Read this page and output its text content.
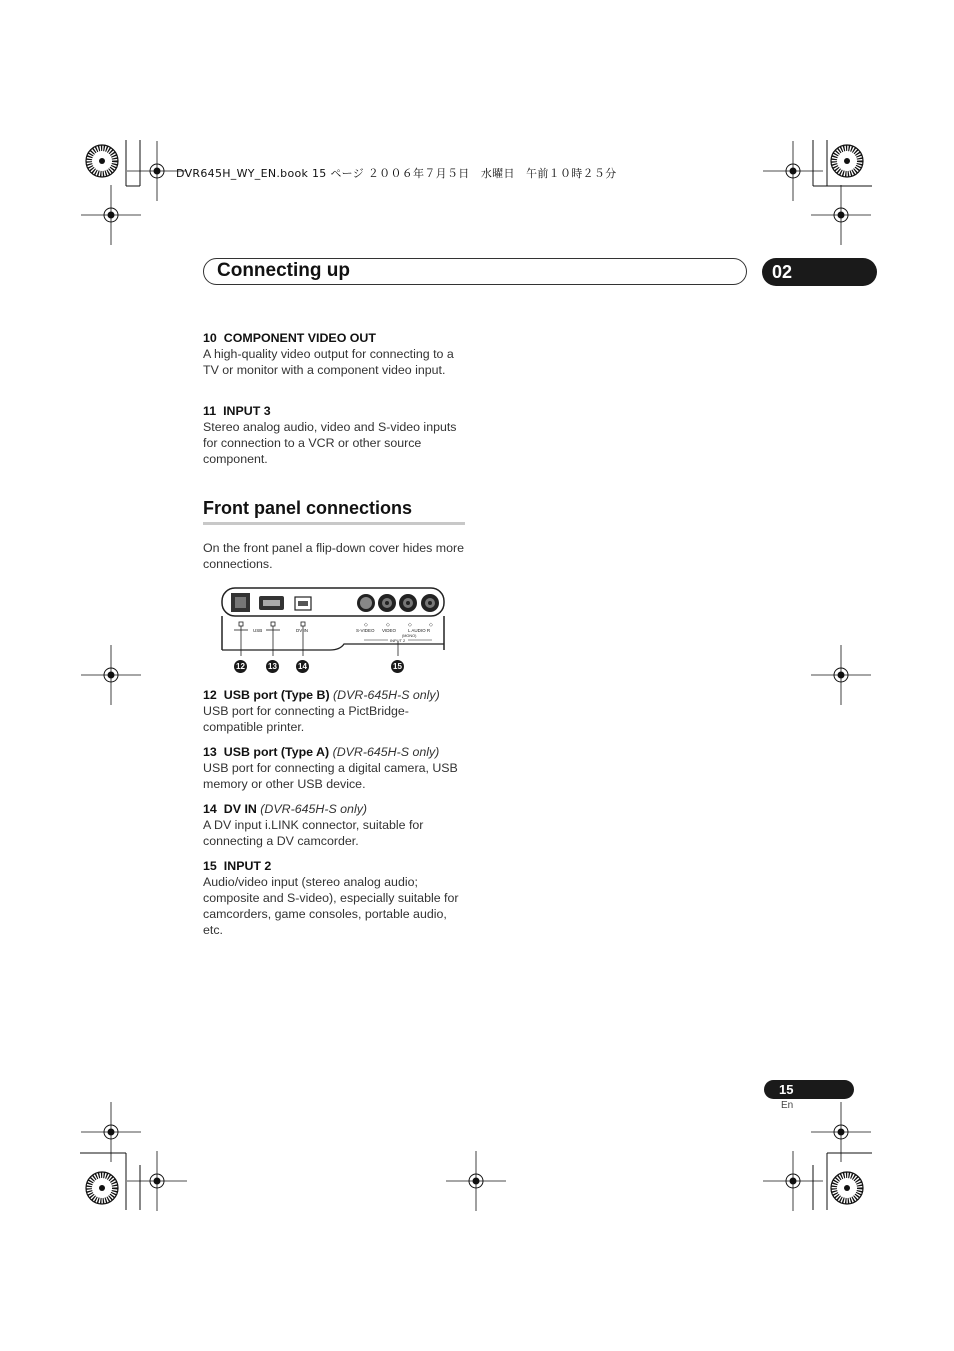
DVR645H_WY_EN.book 15 ページ ２００６年７月５日　水曜日　午前１０時２５分
Connecting up	02
10 COMPONENT VIDEO OUT
A high-quality video output for connecting to a TV or monitor with a component video input.
11 INPUT 3
Stereo analog audio, video and S-video inputs for connection to a VCR or other source component.
Front panel connections
On the front panel a flip-down cover hides more connections.
◇	◇	◇	◇
USB	DV IN	S-VIDEO VIDEO	L AUDIO R
(MONO)
INPUT 2
12	13	14	15
12 USB port (Type B) (DVR-645H-S only)
USB port for connecting a PictBridge-compatible printer.
13 USB port (Type A) (DVR-645H-S only)
USB port for connecting a digital camera, USB memory or other USB device.
14 DV IN (DVR-645H-S only)
A DV input i.LINK connector, suitable for connecting a DV camcorder.
15 INPUT 2
Audio/video input (stereo analog audio; composite and S-video), especially suitable for camcorders, game consoles, portable audio, etc.
15
En
